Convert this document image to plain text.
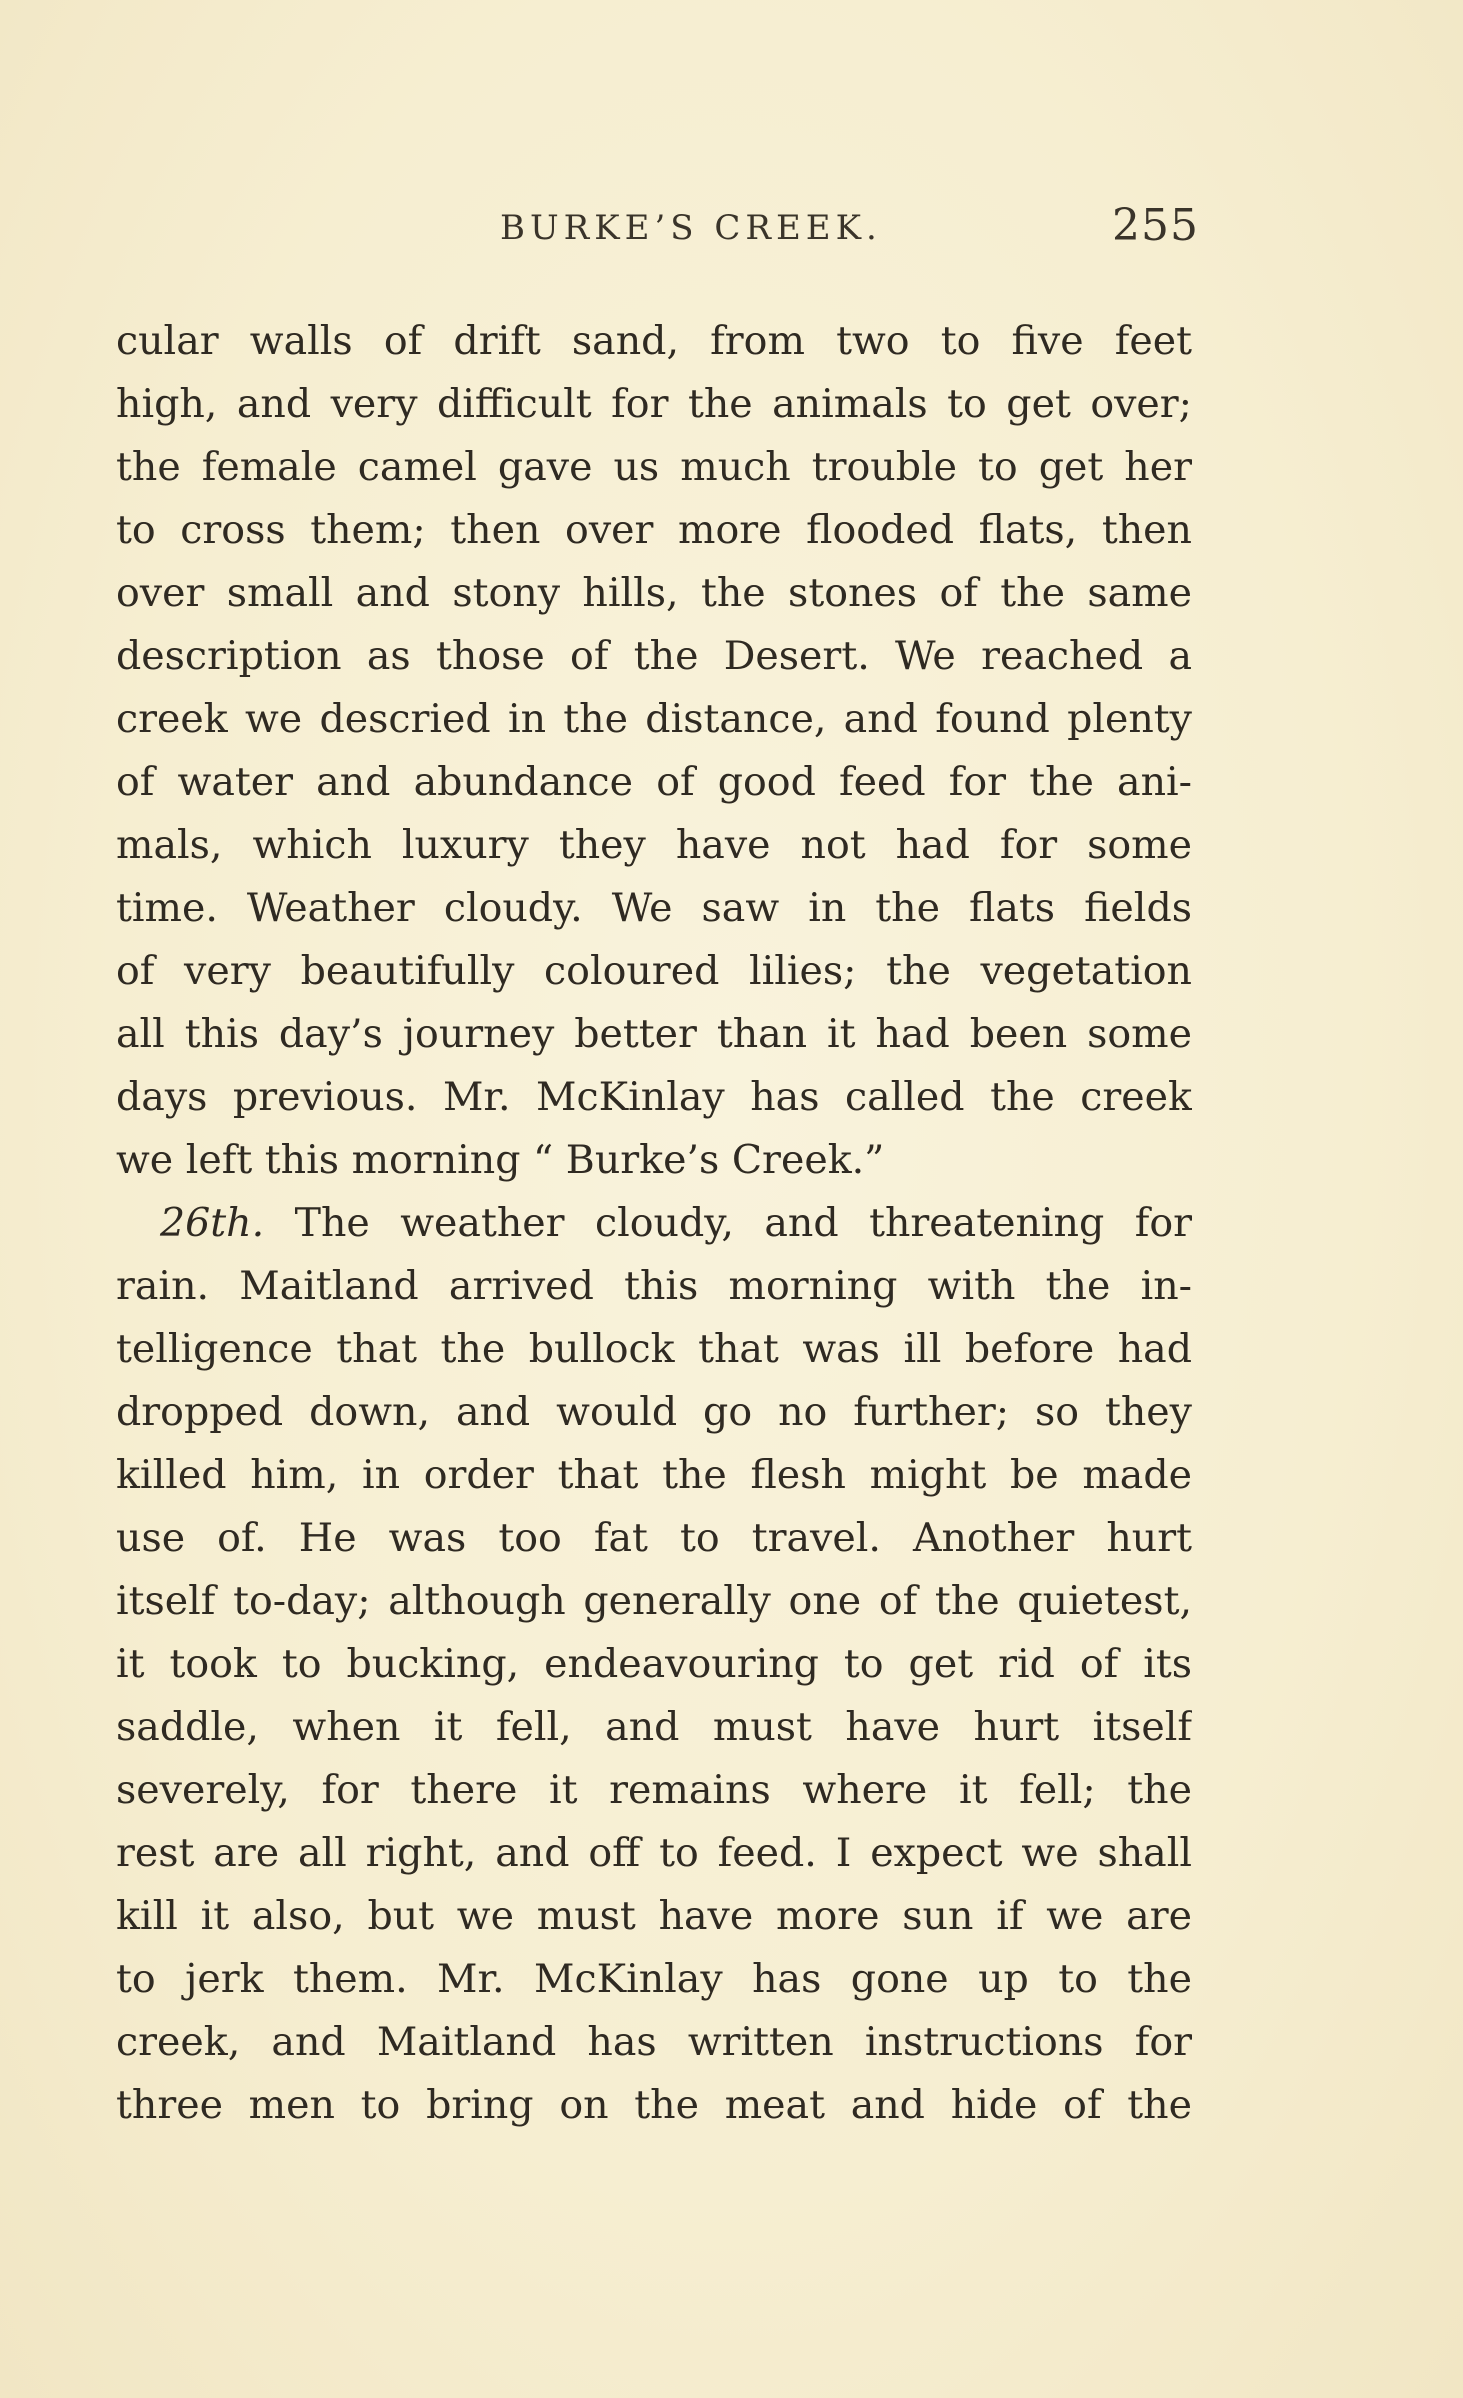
BURKE’S CREEK.	255
cular walls of drift sand, from two to five feet
high, and very difficult for the animals to get over;
the female camel gave us much trouble to get her
to cross them; then over more flooded flats, then
over small and stony hills, the stones of the same
description as those of the Desert. We reached a
creek we descried in the distance, and found plenty
of water and abundance of good feed for the ani-
mals, which luxury they have not had for some
time. Weather cloudy. We saw in the flats fields
of very beautifully coloured lilies; the vegetation
all this day’s journey better than it had been some
days previous. Mr. McKinlay has called the creek
we left this morning “ Burke’s Creek.”
26th. The weather cloudy, and threatening for
rain. Maitland arrived this morning with the in-
telligence that the bullock that was ill before had
dropped down, and would go no further; so they
killed him, in order that the flesh might be made
use of. He was too fat to travel. Another hurt
itself to-day; although generally one of the quietest,
it took to bucking, endeavouring to get rid of its
saddle, when it fell, and must have hurt itself
severely, for there it remains where it fell; the
rest are all right, and off to feed. I expect we shall
kill it also, but we must have more sun if we are
to jerk them. Mr. McKinlay has gone up to the
creek, and Maitland has written instructions for
three men to bring on the meat and hide of the
